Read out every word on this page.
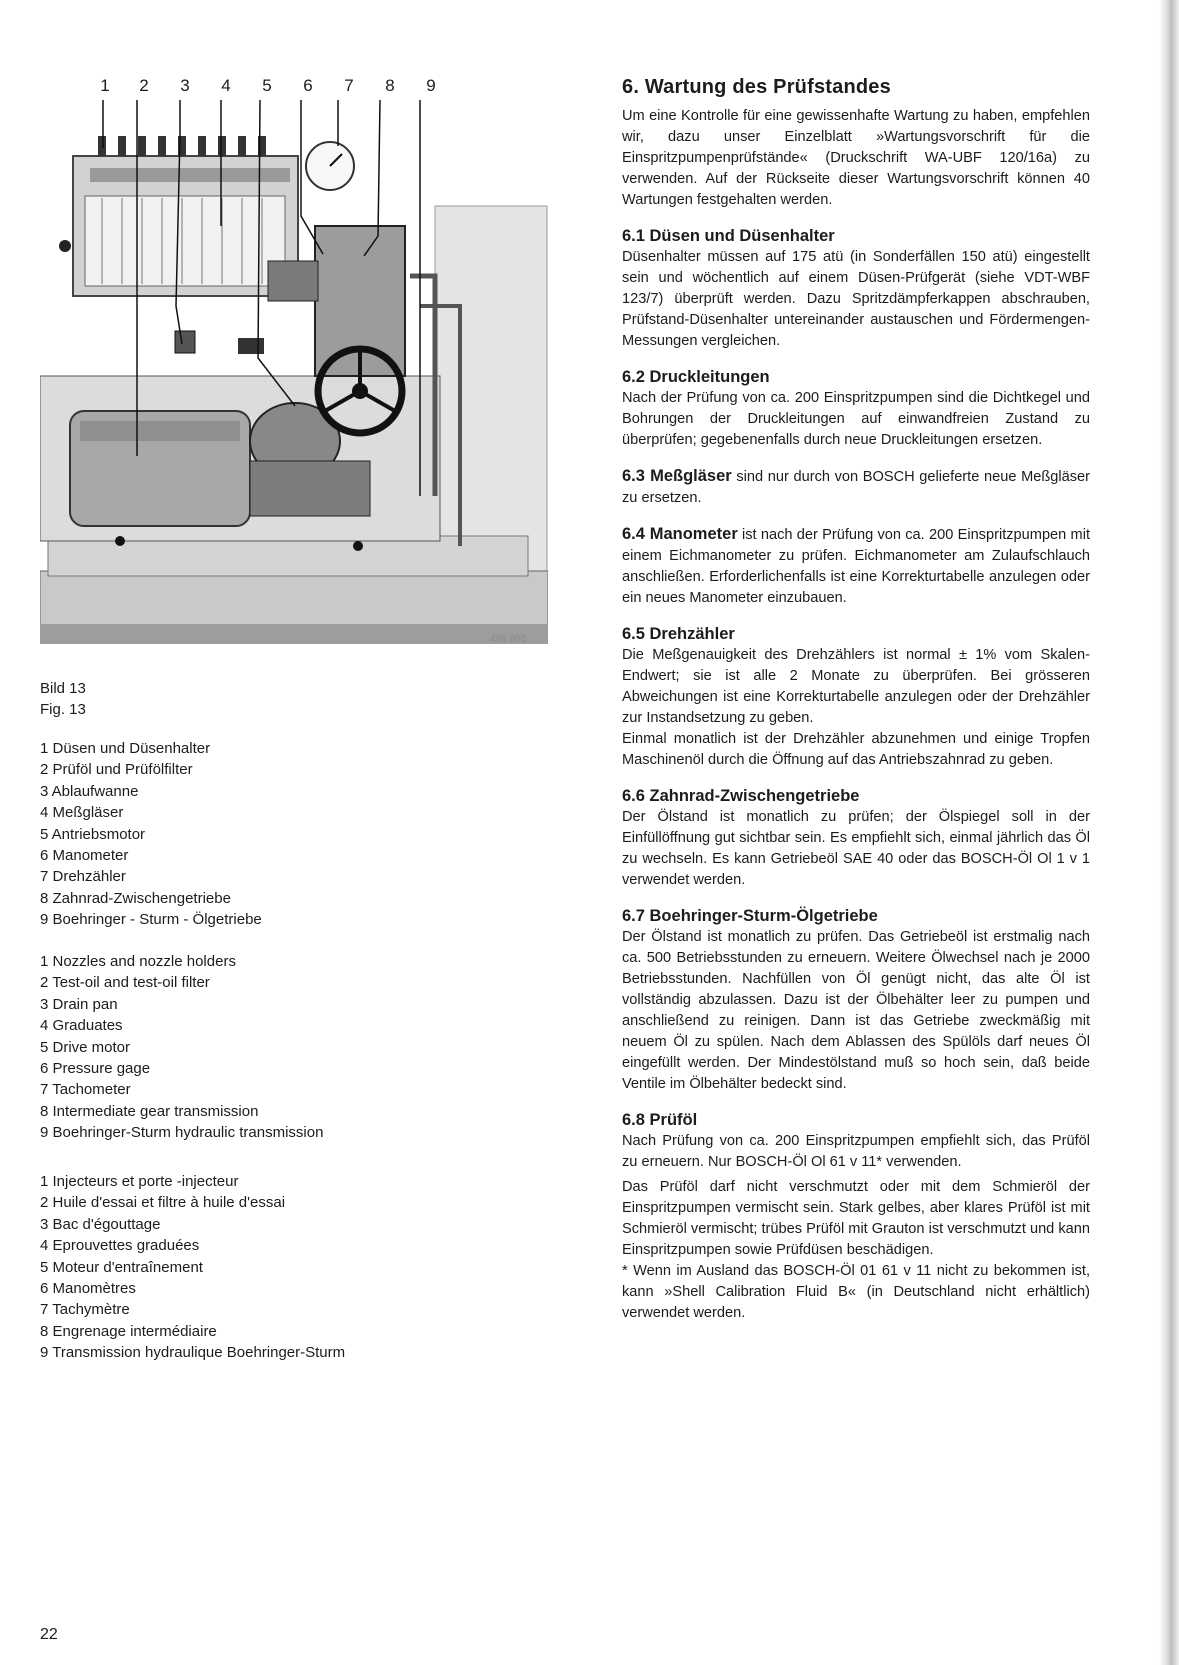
1	2	3	4	5	6	7	8	9
498 060
Bild 13
Fig. 13
1 Düsen und Düsenhalter
2 Prüföl und Prüfölfilter
3 Ablaufwanne
4 Meßgläser
5 Antriebsmotor
6 Manometer
7 Drehzähler
8 Zahnrad-Zwischengetriebe
9 Boehringer - Sturm - Ölgetriebe
1 Nozzles and nozzle holders
2 Test-oil and test-oil filter
3 Drain pan
4 Graduates
5 Drive motor
6 Pressure gage
7 Tachometer
8 Intermediate gear transmission
9 Boehringer-Sturm hydraulic transmission
1 Injecteurs et porte -injecteur
2 Huile d'essai et filtre à huile d'essai
3 Bac d'égouttage
4 Eprouvettes graduées
5 Moteur d'entraînement
6 Manomètres
7 Tachymètre
8 Engrenage intermédiaire
9 Transmission hydraulique Boehringer-Sturm
6. Wartung des Prüfstandes

Um eine Kontrolle für eine gewissenhafte Wartung zu haben, empfehlen wir, dazu unser Einzelblatt »Wartungsvorschrift für die Einspritzpumpenprüfstände« (Druckschrift WA-UBF 120/16a) zu verwenden. Auf der Rückseite dieser Wartungsvorschrift können 40 Wartungen festgehalten werden.

6.1 Düsen und Düsenhalter

Düsenhalter müssen auf 175 atü (in Sonderfällen 150 atü) eingestellt sein und wöchentlich auf einem Düsen-Prüfgerät (siehe VDT-WBF 123/7) überprüft werden. Dazu Spritzdämpferkappen abschrauben, Prüfstand-Düsenhalter untereinander austauschen und Fördermengen-Messungen vergleichen.

6.2 Druckleitungen

Nach der Prüfung von ca. 200 Einspritzpumpen sind die Dichtkegel und Bohrungen der Druckleitungen auf einwandfreien Zustand zu überprüfen; gegebenenfalls durch neue Druckleitungen ersetzen.

6.3 Meßgläser sind nur durch von BOSCH gelieferte neue Meßgläser zu ersetzen.

6.4 Manometer ist nach der Prüfung von ca. 200 Einspritzpumpen mit einem Eichmanometer zu prüfen. Eichmanometer am Zulaufschlauch anschließen. Erforderlichenfalls ist eine Korrekturtabelle anzulegen oder ein neues Manometer einzubauen.

6.5 Drehzähler

Die Meßgenauigkeit des Drehzählers ist normal ± 1% vom Skalen-Endwert; sie ist alle 2 Monate zu überprüfen. Bei grösseren Abweichungen ist eine Korrekturtabelle anzulegen oder der Drehzähler zur Instandsetzung zu geben.

Einmal monatlich ist der Drehzähler abzunehmen und einige Tropfen Maschinenöl durch die Öffnung auf das Antriebszahnrad zu geben.

6.6 Zahnrad-Zwischengetriebe

Der Ölstand ist monatlich zu prüfen; der Ölspiegel soll in der Einfüllöffnung gut sichtbar sein. Es empfiehlt sich, einmal jährlich das Öl zu wechseln. Es kann Getriebeöl SAE 40 oder das BOSCH-Öl Ol 1 v 1 verwendet werden.

6.7 Boehringer-Sturm-Ölgetriebe

Der Ölstand ist monatlich zu prüfen. Das Getriebeöl ist erstmalig nach ca. 500 Betriebsstunden zu erneuern. Weitere Ölwechsel nach je 2000 Betriebsstunden. Nachfüllen von Öl genügt nicht, das alte Öl ist vollständig abzulassen. Dazu ist der Ölbehälter leer zu pumpen und anschließend zu reinigen. Dann ist das Getriebe zweckmäßig mit neuem Öl zu spülen. Nach dem Ablassen des Spülöls darf neues Öl eingefüllt werden. Der Mindestölstand muß so hoch sein, daß beide Ventile im Ölbehälter bedeckt sind.

6.8 Prüföl

Nach Prüfung von ca. 200 Einspritzpumpen empfiehlt sich, das Prüföl zu erneuern. Nur BOSCH-Öl Ol 61 v 11* verwenden.

Das Prüföl darf nicht verschmutzt oder mit dem Schmieröl der Einspritzpumpen vermischt sein. Stark gelbes, aber klares Prüföl ist mit Schmieröl vermischt; trübes Prüföl mit Grauton ist verschmutzt und kann Einspritzpumpen sowie Prüfdüsen beschädigen.

* Wenn im Ausland das BOSCH-Öl 01 61 v 11 nicht zu bekommen ist, kann »Shell Calibration Fluid B« (in Deutschland nicht erhältlich) verwendet werden.

22
